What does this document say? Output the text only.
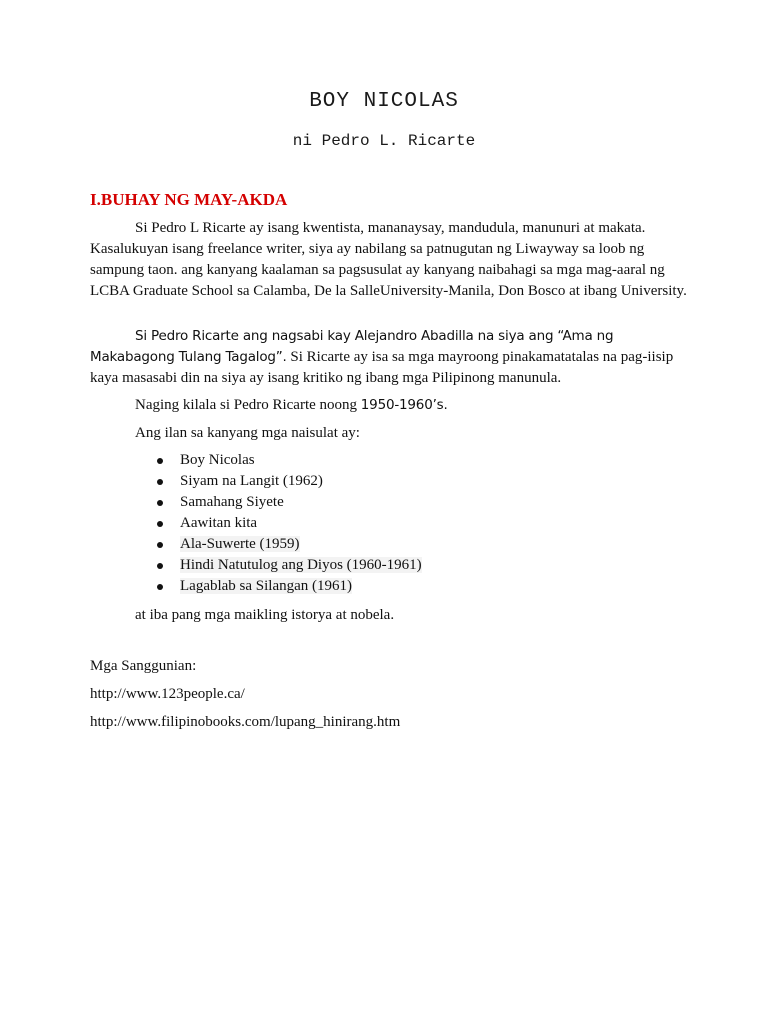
BOY NICOLAS
ni Pedro L. Ricarte
I.BUHAY NG MAY-AKDA
Si Pedro L Ricarte ay isang kwentista, mananaysay, mandudula, manunuri at makata. Kasalukuyan isang freelance writer, siya ay nabilang sa patnugutan ng Liwayway sa loob ng sampung taon. ang kanyang kaalaman sa pagsusulat ay kanyang naibahagi sa mga mag-aaral ng LCBA Graduate School sa Calamba, De la SalleUniversity-Manila, Don Bosco at ibang University.
Si Pedro Ricarte ang nagsabi kay Alejandro Abadilla na siya ang “Ama ng Makabagong Tulang Tagalog”. Si Ricarte ay isa sa mga mayroong pinakamatatalas na pag-iisip kaya masasabi din na siya ay isang kritiko ng ibang mga Pilipinong manunula.
Naging kilala si Pedro Ricarte noong 1950-1960’s.
Ang ilan sa kanyang mga naisulat ay:
Boy Nicolas
Siyam na Langit (1962)
Samahang Siyete
Aawitan kita
Ala-Suwerte (1959)
Hindi Natutulog ang Diyos (1960-1961)
Lagablab sa Silangan (1961)
at iba pang mga maikling istorya at nobela.
Mga Sanggunian:
http://www.123people.ca/
http://www.filipinobooks.com/lupang_hinirang.htm
